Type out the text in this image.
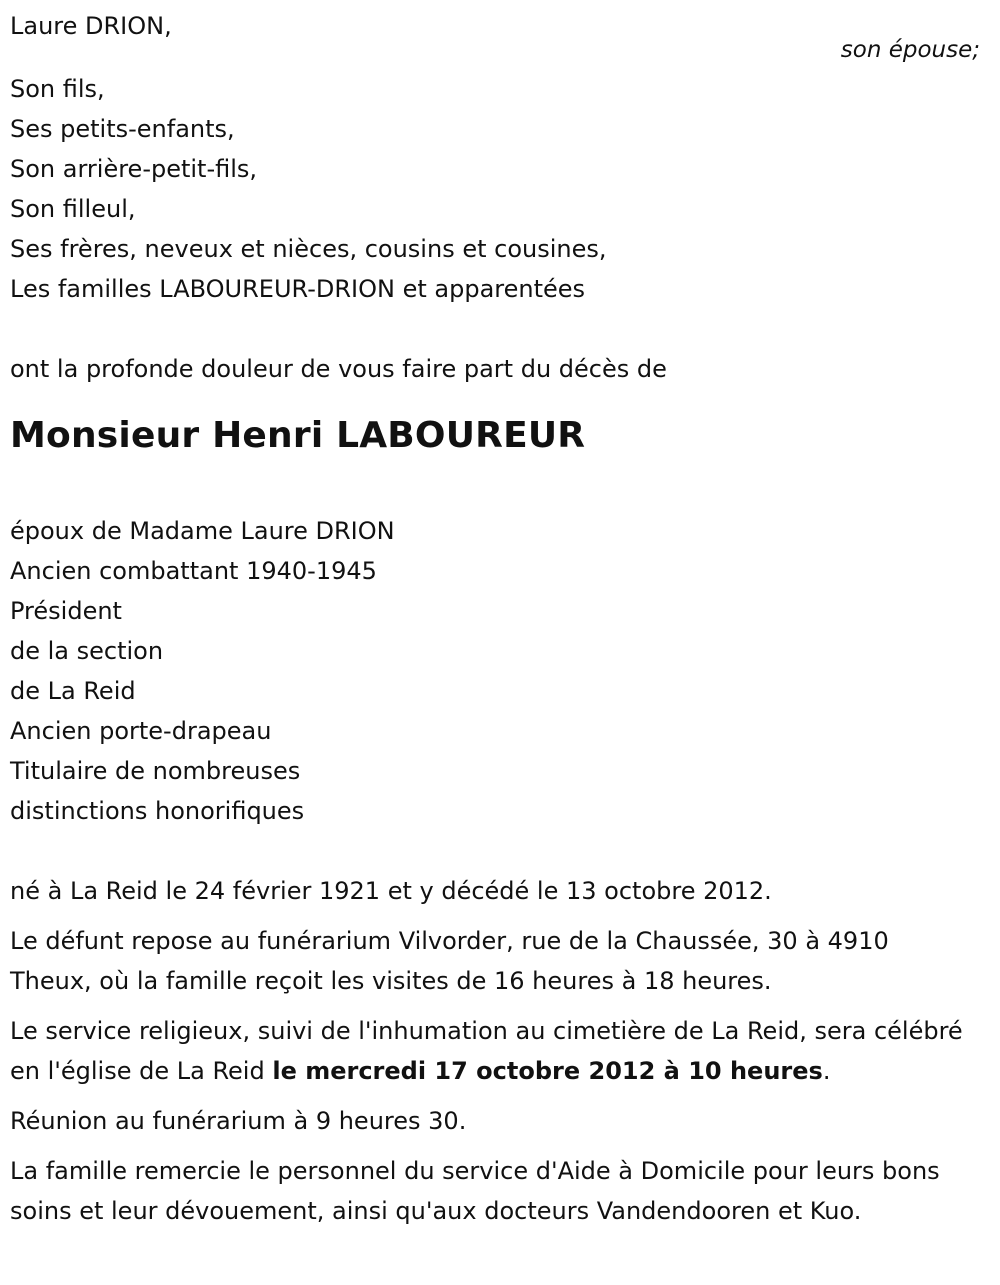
Laure DRION,
son épouse;
Son fils,
Ses petits-enfants,
Son arrière-petit-fils,
Son filleul,
Ses frères, neveux et nièces, cousins et cousines,
Les familles LABOUREUR-DRION et apparentées

ont la profonde douleur de vous faire part du décès de

Monsieur Henri LABOUREUR
époux de Madame Laure DRION
Ancien combattant 1940-1945
Président
de la section
de La Reid
Ancien porte-drapeau
Titulaire de nombreuses
distinctions honorifiques

né à La Reid le 24 février 1921 et y décédé le 13 octobre 2012.

Le défunt repose au funérarium Vilvorder, rue de la Chaussée, 30 à 4910 Theux, où la famille reçoit les visites de 16 heures à 18 heures.

Le service religieux, suivi de l'inhumation au cimetière de La Reid, sera célébré en l'église de La Reid le mercredi 17 octobre 2012 à 10 heures.

Réunion au funérarium à 9 heures 30.

La famille remercie le personnel du service d'Aide à Domicile pour leurs bons soins et leur dévouement, ainsi qu'aux docteurs Vandendooren et Kuo.
